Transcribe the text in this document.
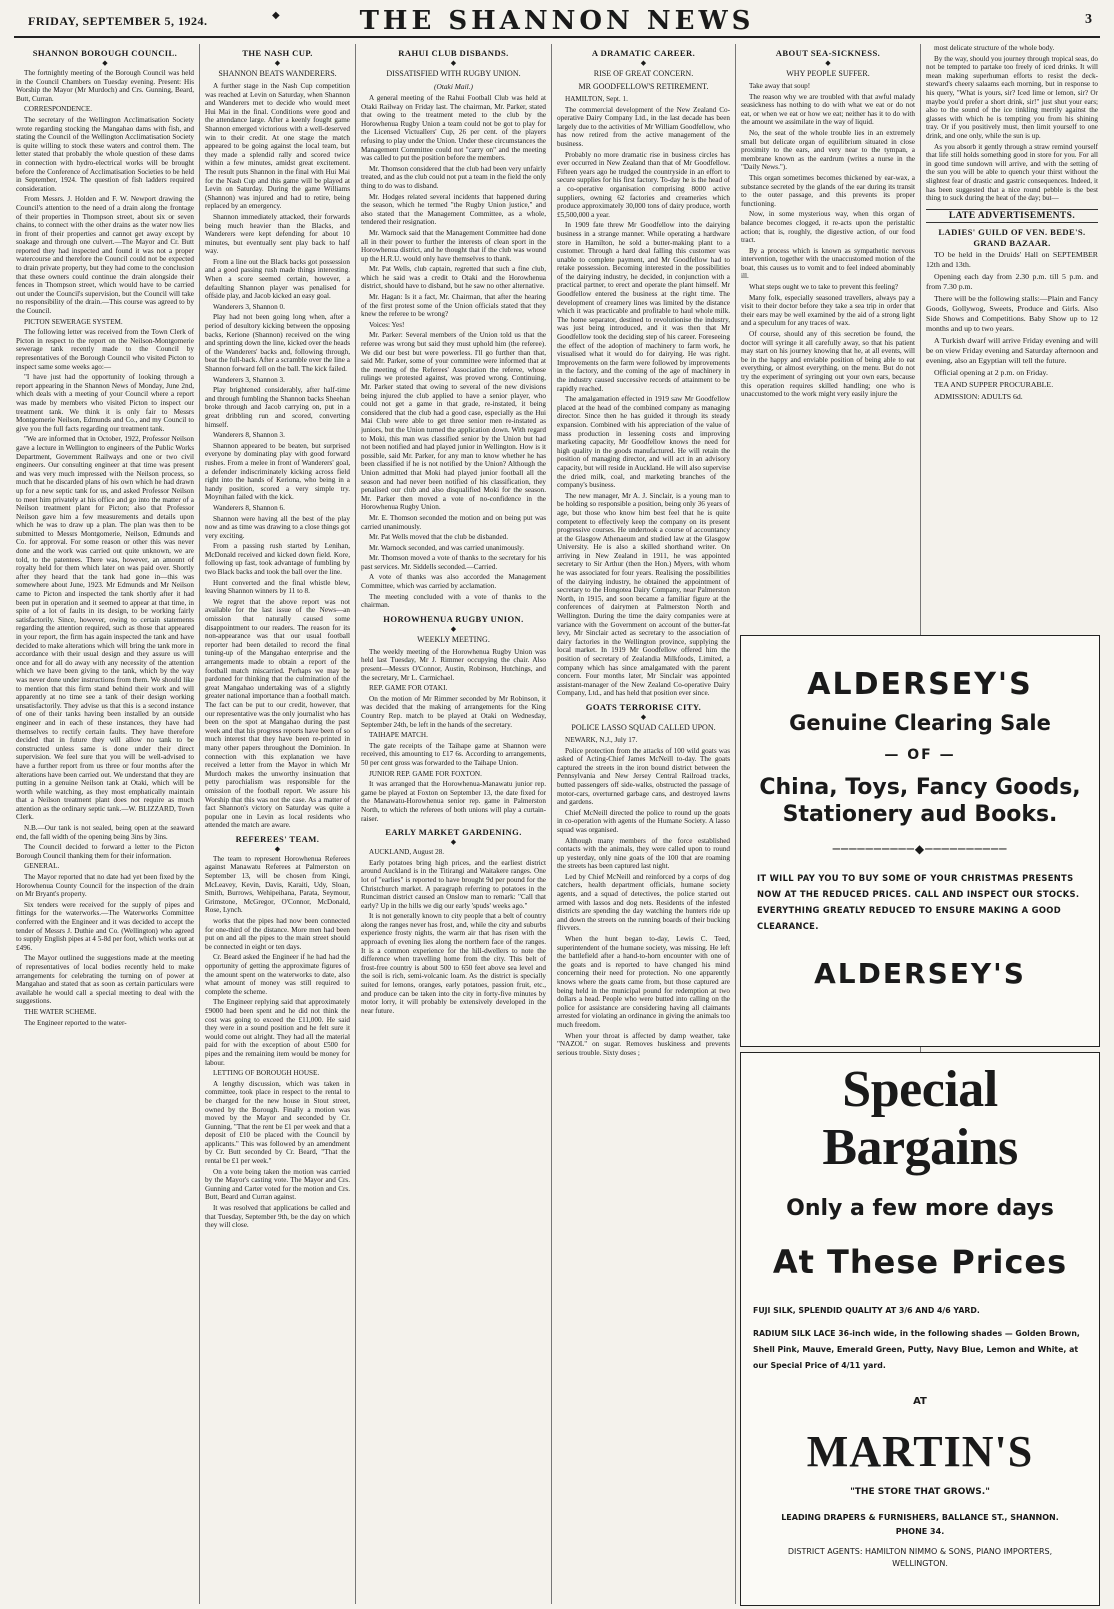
FRIDAY, SEPTEMBER 5, 1924.	◆	THE SHANNON NEWS	3
SHANNON BOROUGH COUNCIL.
◆

The fortnightly meeting of the Borough Council was held in the Council Chambers on Tuesday evening. Present: His Worship the Mayor (Mr Murdoch) and Crs. Gunning, Beard, Butt, Curran.

CORRESPONDENCE.

The secretary of the Wellington Acclimatisation Society wrote regarding stocking the Mangahao dams with fish, and stating the Council of the Wellington Acclimatisation Society is quite willing to stock these waters and control them. The letter stated that probably the whole question of these dams in connection with hydro-electrical works will be brought before the Conference of Acclimatisation Societies to be held in September, 1924. The question of fish ladders required consideration.

From Messrs. J. Holden and F. W. Newport drawing the Council's attention to the need of a drain along the frontage of their properties in Thompson street, about six or seven chains, to connect with the other drains as the water now lies in front of their properties and cannot get away except by soakage and through one culvert.—The Mayor and Cr. Butt reported they had inspected and found it was not a proper watercourse and therefore the Council could not be expected to drain private property, but they had come to the conclusion that these owners could continue the drain alongside their fences in Thompson street, which would have to be carried out under the Council's supervision, but the Council will take no responsibility of the drain.—This course was agreed to by the Council.

PICTON SEWERAGE SYSTEM.

The following letter was received from the Town Clerk of Picton in respect to the report on the Neilson-Montgomerie sewerage tank recently made to the Council by representatives of the Borough Council who visited Picton to inspect same some weeks ago:—

"I have just had the opportunity of looking through a report appearing in the Shannon News of Monday, June 2nd, which deals with a meeting of your Council where a report was made by members who visited Picton to inspect our treatment tank. We think it is only fair to Messrs Montgomerie Neilson, Edmunds and Co., and my Council to give you the full facts regarding our treatment tank.

"We are informed that in October, 1922, Professor Neilson gave a lecture in Wellington to engineers of the Public Works Department, Government Railways and one or two civil engineers. Our consulting engineer at that time was present and was very much impressed with the Neilson process, so much that he discarded plans of his own which he had drawn up for a new septic tank for us, and asked Professor Neilson to meet him privately at his office and go into the matter of a Neilson treatment plant for Picton; also that Professor Neilson gave him a few measurements and details upon which he was to draw up a plan. The plan was then to be submitted to Messrs Montgomerie, Neilson, Edmunds and Co. for approval. For some reason or other this was never done and the work was carried out quite unknown, we are told, to the patentees. There was, however, an amount of royalty held for them which later on was paid over. Shortly after they heard that the tank had gone in—this was somewhere about June, 1923. Mr Edmunds and Mr Neilson came to Picton and inspected the tank shortly after it had been put in operation and it seemed to appear at that time, in spite of a lot of faults in its design, to be working fairly satisfactorily. Since, however, owing to certain statements regarding the attention required, such as those that appeared in your report, the firm has again inspected the tank and have decided to make alterations which will bring the tank more in accordance with their usual design and they assure us will once and for all do away with any necessity of the attention which we have been giving to the tank, which by the way was never done under instructions from them. We should like to mention that this firm stand behind their work and will apparently at no time see a tank of their design working unsatisfactorily. They advise us that this is a second instance of one of their tanks having been installed by an outside engineer and in each of these instances, they have had themselves to rectify certain faults. They have therefore decided that in future they will allow no tank to be constructed unless same is done under their direct supervision. We feel sure that you will be well-advised to have a further report from us three or four months after the alterations have been carried out. We understand that they are putting in a genuine Neilson tank at Otaki, which will be worth while watching, as they most emphatically maintain that a Neilson treatment plant does not require as much attention as the ordinary septic tank.—W. BLIZZARD, Town Clerk.

N.B.—Our tank is not sealed, being open at the seaward end, the fall width of the opening being 3ins by 3ins.

The Council decided to forward a letter to the Picton Borough Council thanking them for their information.

GENERAL.

The Mayor reported that no date had yet been fixed by the Horowhenua County Council for the inspection of the drain on Mr Bryant's property.

Six tenders were received for the supply of pipes and fittings for the waterworks.—The Waterworks Committee conferred with the Engineer and it was decided to accept the tender of Messrs J. Duthie and Co. (Wellington) who agreed to supply English pipes at 4 5-8d per foot, which works out at £496.

The Mayor outlined the suggestions made at the meeting of representatives of local bodies recently held to make arrangements for celebrating the turning on of power at Mangahao and stated that as soon as certain particulars were available he would call a special meeting to deal with the suggestions.

THE WATER SCHEME.

The Engineer reported to the water-

THE NASH CUP.
◆
SHANNON BEATS WANDERERS.

A further stage in the Nash Cup competition was reached at Levin on Saturday, when Shannon and Wanderers met to decide who would meet Hui Mai in the final. Conditions were good and the attendance large. After a keenly fought game Shannon emerged victorious with a well-deserved win to their credit. At one stage the match appeared to be going against the local team, but they made a splendid rally and scored twice within a few minutes, amidst great excitement. The result puts Shannon in the final with Hui Mai for the Nash Cup and this game will be played at Levin on Saturday. During the game Williams (Shannon) was injured and had to retire, being replaced by an emergency.

Shannon immediately attacked, their forwards being much heavier than the Blacks, and Wanderers were kept defending for about 10 minutes, but eventually sent play back to half way.

From a line out the Black backs got possession and a good passing rush made things interesting. When a score seemed certain, however, a defaulting Shannon player was penalised for offside play, and Jacob kicked an easy goal.

Wanderers 3, Shannon 0.

Play had not been going long when, after a period of desultory kicking between the opposing backs, Kerione (Shannon) received on the wing and sprinting down the line, kicked over the heads of the Wanderers' backs and, following through, beat the full-back. After a scramble over the line a Shannon forward fell on the ball. The kick failed.

Wanderers 3, Shannon 3.

Play brightened considerably, after half-time and through fumbling the Shannon backs Sheehan broke through and Jacob carrying on, put in a great dribbling run and scored, converting himself.

Wanderers 8, Shannon 3.

Shannon appeared to be beaten, but surprised everyone by dominating play with good forward rushes. From a melee in front of Wanderers' goal, a defender indiscriminately kicking across field right into the hands of Keriona, who being in a handy position, scored a very simple try. Moynihan failed with the kick.

Wanderers 8, Shannon 6.

Shannon were having all the best of the play now and as time was drawing to a close things got very exciting.

From a passing rush started by Lenihan, McDonald received and kicked down field. Kore, following up fast, took advantage of fumbling by two Black backs and took the ball over the line.

Hunt converted and the final whistle blew, leaving Shannon winners by 11 to 8.

We regret that the above report was not available for the last issue of the News—an omission that naturally caused some disappointment to our readers. The reason for its non-appearance was that our usual football reporter had been detailed to record the final tuning-up of the Mangahao enterprise and the arrangements made to obtain a report of the football match miscarried. Perhaps we may be pardoned for thinking that the culmination of the great Mangahao undertaking was of a slightly greater national importance than a football match. The fact can be put to our credit, however, that our representative was the only journalist who has been on the spot at Mangahao during the past week and that his progress reports have been of so much interest that they have been re-printed in many other papers throughout the Dominion. In connection with this explanation we have received a letter from the Mayor in which Mr Murdoch makes the unworthy insinuation that petty parochialism was responsible for the omission of the football report. We assure his Worship that this was not the case. As a matter of fact Shannon's victory on Saturday was quite a popular one in Levin as local residents who attended the match are aware.

REFEREES' TEAM.
◆

The team to represent Horowhenua Referees against Manawatu Referees at Palmerston on September 13, will be chosen from Kingi, McLeavey, Kevin, Davis, Karaiti, Udy, Sloan, Smith, Burrows, Wehipeihana, Parata, Seymour, Grimstone, McGregor, O'Connor, McDonald, Rose, Lynch.

works that the pipes had now been connected for one-third of the distance. More men had been put on and all the pipes to the main street should be connected in eight or ten days.

Cr. Beard asked the Engineer if he had had the opportunity of getting the approximate figures of the amount spent on the waterworks to date, also what amount of money was still required to complete the scheme.

The Engineer replying said that approximately £9000 had been spent and he did not think the cost was going to exceed the £11,000. He said they were in a sound position and he felt sure it would come out alright. They had all the material paid for with the exception of about £500 for pipes and the remaining item would be money for labour.

LETTING OF BOROUGH HOUSE.

A lengthy discussion, which was taken in committee, took place in respect to the rental to be charged for the new house in Stout street, owned by the Borough. Finally a motion was moved by the Mayor and seconded by Cr. Gunning, "That the rent be £1 per week and that a deposit of £10 be placed with the Council by applicants." This was followed by an amendment by Cr. Butt seconded by Cr. Beard, "That the rental be £1 per week."

On a vote being taken the motion was carried by the Mayor's casting vote. The Mayor and Crs. Gunning and Carter voted for the motion and Crs. Butt, Beard and Curran against.

It was resolved that applications be called and that Tuesday, September 9th, be the day on which they will close.

RAHUI CLUB DISBANDS.
◆
DISSATISFIED WITH RUGBY UNION.
(Otaki Mail.)

A general meeting of the Rahui Football Club was held at Otaki Railway on Friday last. The chairman, Mr. Parker, stated that owing to the treatment meted to the club by the Horowhenua Rugby Union a team could not be got to play for the Licensed Victuallers' Cup, 26 per cent. of the players refusing to play under the Union. Under these circumstances the Management Committee could not "carry on" and the meeting was called to put the position before the members.

Mr. Thomson considered that the club had been very unfairly treated, and as the club could not put a team in the field the only thing to do was to disband.

Mr. Hodges related several incidents that happened during the season, which he termed "the Rugby Union justice," and also stated that the Management Committee, as a whole, tendered their resignation.

Mr. Warnock said that the Management Committee had done all in their power to further the interests of clean sport in the Horowhenua district, and he thought that if the club was wound up the H.R.U. would only have themselves to thank.

Mr. Pat Wells, club captain, regretted that such a fine club, which he said was a credit to Otaki and the Horowhenua district, should have to disband, but he saw no other alternative.

Mr. Hagan: Is it a fact, Mr. Chairman, that after the hearing of the first protest some of the Union officials stated that they knew the referee to be wrong?

Voices: Yes!

Mr. Parker: Several members of the Union told us that the referee was wrong but said they must uphold him (the referee). We did our best but were powerless. I'll go further than that, said Mr. Parker, some of your committee were informed that at the meeting of the Referees' Association the referee, whose rulings we protested against, was proved wrong. Continuing, Mr. Parker stated that owing to several of the new divisions being injured the club applied to have a senior player, who could not get a game in that grade, re-instated, it being considered that the club had a good case, especially as the Hui Mai Club were able to get three senior men re-instated as juniors, but the Union turned the application down. With regard to Moki, this man was classified senior by the Union but had not been notified and had played junior in Wellington. How is it possible, said Mr. Parker, for any man to know whether he has been classified if he is not notified by the Union? Although the Union admitted that Moki had played junior football all the season and had never been notified of his classification, they penalised our club and also disqualified Moki for the season. Mr. Parker then moved a vote of no-confidence in the Horowhenua Rugby Union.

Mr. E. Thomson seconded the motion and on being put was carried unanimously.

Mr. Pat Wells moved that the club be disbanded.

Mr. Warnock seconded, and was carried unanimously.

Mr. Thomson moved a vote of thanks to the secretary for his past services. Mr. Siddells seconded.—Carried.

A vote of thanks was also accorded the Management Committee, which was carried by acclamation.

The meeting concluded with a vote of thanks to the chairman.

HOROWHENUA RUGBY UNION.
◆
WEEKLY MEETING.

The weekly meeting of the Horowhenua Rugby Union was held last Tuesday, Mr J. Rimmer occupying the chair. Also present—Messrs O'Connor, Austin, Robinson, Hutchings, and the secretary, Mr L. Carmichael.

REP. GAME FOR OTAKI.

On the motion of Mr Rimmer seconded by Mr Robinson, it was decided that the making of arrangements for the King Country Rep. match to be played at Otaki on Wednesday, September 24th, be left in the hands of the secretary.

TAIHAPE MATCH.

The gate receipts of the Taihape game at Shannon were received, this amounting to £17 6s. According to arrangements, 50 per cent gross was forwarded to the Taihape Union.

JUNIOR REP. GAME FOR FOXTON.

It was arranged that the Horowhenua-Manawatu junior rep. game be played at Foxton on September 13, the date fixed for the Manawatu-Horowhenua senior rep. game in Palmerston North, to which the referees of both unions will play a curtain-raiser.

EARLY MARKET GARDENING.
◆

AUCKLAND, August 28.

Early potatoes bring high prices, and the earliest district around Auckland is in the Titirangi and Waitakere ranges. One lot of "earlies" is reported to have brought 9d per pound for the Christchurch market. A paragraph referring to potatoes in the Runciman district caused an Onslow man to remark: "Call that early? Up in the hills we dig our early 'spuds' weeks ago."

It is not generally known to city people that a belt of country along the ranges never has frost, and, while the city and suburbs experience frosty nights, the warm air that has risen with the approach of evening lies along the northern face of the ranges. It is a common experience for the hill-dwellers to note the difference when travelling home from the city. This belt of frost-free country is about 500 to 650 feet above sea level and the soil is rich, semi-volcanic loam. As the district is specially suited for lemons, oranges, early potatoes, passion fruit, etc., and produce can be taken into the city in forty-five minutes by motor lorry, it will probably be extensively developed in the near future.

A DRAMATIC CAREER.
◆
RISE OF GREAT CONCERN.
MR GOODFELLOW'S RETIREMENT.

HAMILTON, Sept. 1.

The commercial development of the New Zealand Co-operative Dairy Company Ltd., in the last decade has been largely due to the activities of Mr William Goodfellow, who has now retired from the active management of the business.

Probably no more dramatic rise in business circles has ever occurred in New Zealand than that of Mr Goodfellow. Fifteen years ago he trudged the countryside in an effort to secure supplies for his first factory. To-day he is the head of a co-operative organisation comprising 8000 active suppliers, owning 62 factories and creameries which produce approximately 30,000 tons of dairy produce, worth £5,500,000 a year.

In 1909 fate threw Mr Goodfellow into the dairying business in a strange manner. While operating a hardware store in Hamilton, he sold a butter-making plant to a customer. Through a hard deal falling this customer was unable to complete payment, and Mr Goodfellow had to retake possession. Becoming interested in the possibilities of the dairying industry, he decided, in conjunction with a practical partner, to erect and operate the plant himself. Mr Goodfellow entered the business at the right time. The development of creamery lines was limited by the distance which it was practicable and profitable to haul whole milk. The home separator, destined to revolutionise the industry, was just being introduced, and it was then that Mr Goodfellow took the deciding step of his career. Foreseeing the effect of the adoption of machinery to farm work, he visualised what it would do for dairying. He was right. Improvements on the farm were followed by improvements in the factory, and the coming of the age of machinery in the industry caused successive records of attainment to be rapidly reached.

The amalgamation effected in 1919 saw Mr Goodfellow placed at the head of the combined company as managing director. Since then he has guided it through its steady expansion. Combined with his appreciation of the value of mass production in lessening costs and improving marketing capacity, Mr Goodfellow knows the need for high quality in the goods manufactured. He will retain the position of managing director, and will act in an advisory capacity, but will reside in Auckland. He will also supervise the dried milk, coal, and marketing branches of the company's business.

The new manager, Mr A. J. Sinclair, is a young man to be holding so responsible a position, being only 36 years of age, but those who know him best feel that he is quite competent to effectively keep the company on its present progressive courses. He undertook a course of accountancy at the Glasgow Athenaeum and studied law at the Glasgow University. He is also a skilled shorthand writer. On arriving in New Zealand in 1911, he was appointed secretary to Sir Arthur (then the Hon.) Myers, with whom he was associated for four years. Realising the possibilities of the dairying industry, he obtained the appointment of secretary to the Hongotea Dairy Company, near Palmerston North, in 1915, and soon became a familiar figure at the conferences of dairymen at Palmerston North and Wellington. During the time the dairy companies were at variance with the Government on account of the butter-fat levy, Mr Sinclair acted as secretary to the association of dairy factories in the Wellington province, supplying the local market. In 1919 Mr Goodfellow offered him the position of secretary of Zealandia Milkfoods, Limited, a company which has since amalgamated with the parent concern. Four months later, Mr Sinclair was appointed assistant-manager of the New Zealand Co-operative Dairy Company, Ltd., and has held that position ever since.

GOATS TERRORISE CITY.
◆
POLICE LASSO SQUAD CALLED UPON.

NEWARK, N.J., July 17.

Police protection from the attacks of 100 wild goats was asked of Acting-Chief James McNeill to-day. The goats captured the streets in the iron bound district between the Pennsylvania and New Jersey Central Railroad tracks, butted passengers off side-walks, obstructed the passage of motor-cars, overturned garbage cans, and destroyed lawns and gardens.

Chief McNeill directed the police to round up the goats in co-operation with agents of the Humane Society. A lasso squad was organised.

Although many members of the force established contacts with the animals, they were called upon to round up yesterday, only nine goats of the 100 that are roaming the streets has been captured last night.

Led by Chief McNeill and reinforced by a corps of dog catchers, health department officials, humane society agents, and a squad of detectives, the police started out armed with lassos and dog nets. Residents of the infested districts are spending the day watching the hunters ride up and down the streets on the running boards of their bucking flivvers.

When the hunt began to-day, Lewis C. Teed, superintendent of the humane society, was missing. He left the battlefield after a hand-to-horn encounter with one of the goats and is reported to have changed his mind concerning their need for protection. No one apparently knows where the goats came from, but those captured are being held in the municipal pound for redemption at two dollars a head. People who were butted into calling on the police for assistance are considering having all claimants arrested for violating an ordinance in giving the animals too much freedom.

When your throat is affected by damp weather, take "NAZOL" on sugar. Removes huskiness and prevents serious trouble. Sixty doses ;

ABOUT SEA-SICKNESS.
◆
WHY PEOPLE SUFFER.

Take away that soup!

The reason why we are troubled with that awful malady seasickness has nothing to do with what we eat or do not eat, or when we eat or how we eat; neither has it to do with the amount we assimilate in the way of liquid.

No, the seat of the whole trouble lies in an extremely small but delicate organ of equilibrium situated in close proximity to the ears, and very near to the tympan, a membrane known as the eardrum (writes a nurse in the "Daily News.").

This organ sometimes becomes thickened by ear-wax, a substance secreted by the glands of the ear during its transit to the outer passage, and this prevents its proper functioning.

Now, in some mysterious way, when this organ of balance becomes clogged, it re-acts upon the peristaltic action; that is, roughly, the digestive action, of our food tract.

By a process which is known as sympathetic nervous intervention, together with the unaccustomed motion of the boat, this causes us to vomit and to feel indeed abominably ill.

What steps ought we to take to prevent this feeling?

Many folk, especially seasoned travellers, always pay a visit to their doctor before they take a sea trip in order that their ears may be well examined by the aid of a strong light and a speculum for any traces of wax.

Of course, should any of this secretion be found, the doctor will syringe it all carefully away, so that his patient may start on his journey knowing that he, at all events, will be in the happy and enviable position of being able to eat everything, or almost everything, on the menu. But do not try the experiment of syringing out your own ears, because this operation requires skilled handling; one who is unaccustomed to the work might very easily injure the

most delicate structure of the whole body.

By the way, should you journey through tropical seas, do not be tempted to partake too freely of iced drinks. It will mean making superhuman efforts to resist the deck-steward's cheery salaams each morning, but in response to his query, "What is yours, sir? Iced lime or lemon, sir? Or maybe you'd prefer a short drink, sir!" just shut your ears; also to the sound of the ice tinkling merrily against the glasses with which he is tempting you from his shining tray. Or if you positively must, then limit yourself to one drink, and one only, while the sun is up.

As you absorb it gently through a straw remind yourself that life still holds something good in store for you. For all in good time sundown will arrive, and with the setting of the sun you will be able to quench your thirst without the slightest fear of drastic and gastric consequences. Indeed, it has been suggested that a nice round pebble is the best thing to suck during the heat of the day; but—

LATE ADVERTISEMENTS.
LADIES' GUILD OF VEN. BEDE'S. GRAND BAZAAR.

TO be held in the Druids' Hall on SEPTEMBER 12th and 13th.

Opening each day from 2.30 p.m. till 5 p.m. and from 7.30 p.m.

There will be the following stalls:—Plain and Fancy Goods, Gollywog, Sweets, Produce and Girls. Also Side Shows and Competitions. Baby Show up to 12 months and up to two years.

A Turkish dwarf will arrive Friday evening and will be on view Friday evening and Saturday afternoon and evening, also an Egyptian will tell the future.

Official opening at 2 p.m. on Friday.

TEA AND SUPPER PROCURABLE.

ADMISSION: ADULTS 6d.

ALDERSEY'S
Genuine Clearing Sale
— OF —
China, Toys, Fancy Goods, Stationery aud Books.
──────────◆──────────
IT WILL PAY YOU TO BUY SOME OF YOUR CHRISTMAS PRESENTS NOW AT THE REDUCED PRICES. CALL AND INSPECT OUR STOCKS. EVERYTHING GREATLY REDUCED TO ENSURE MAKING A GOOD CLEARANCE.
ALDERSEY'S
Special Bargains
Only a few more days
At These Prices
FUJI SILK, SPLENDID QUALITY AT 3/6 AND 4/6 YARD.
RADIUM SILK LACE 36-inch wide, in the following shades — Golden Brown, Shell Pink, Mauve, Emerald Green, Putty, Navy Blue, Lemon and White, at our Special Price of 4/11 yard.
AT
MARTIN'S
"THE STORE THAT GROWS."
LEADING DRAPERS & FURNISHERS, BALLANCE ST., SHANNON.
PHONE 34.
DISTRICT AGENTS: HAMILTON NIMMO & SONS, PIANO IMPORTERS, WELLINGTON.
